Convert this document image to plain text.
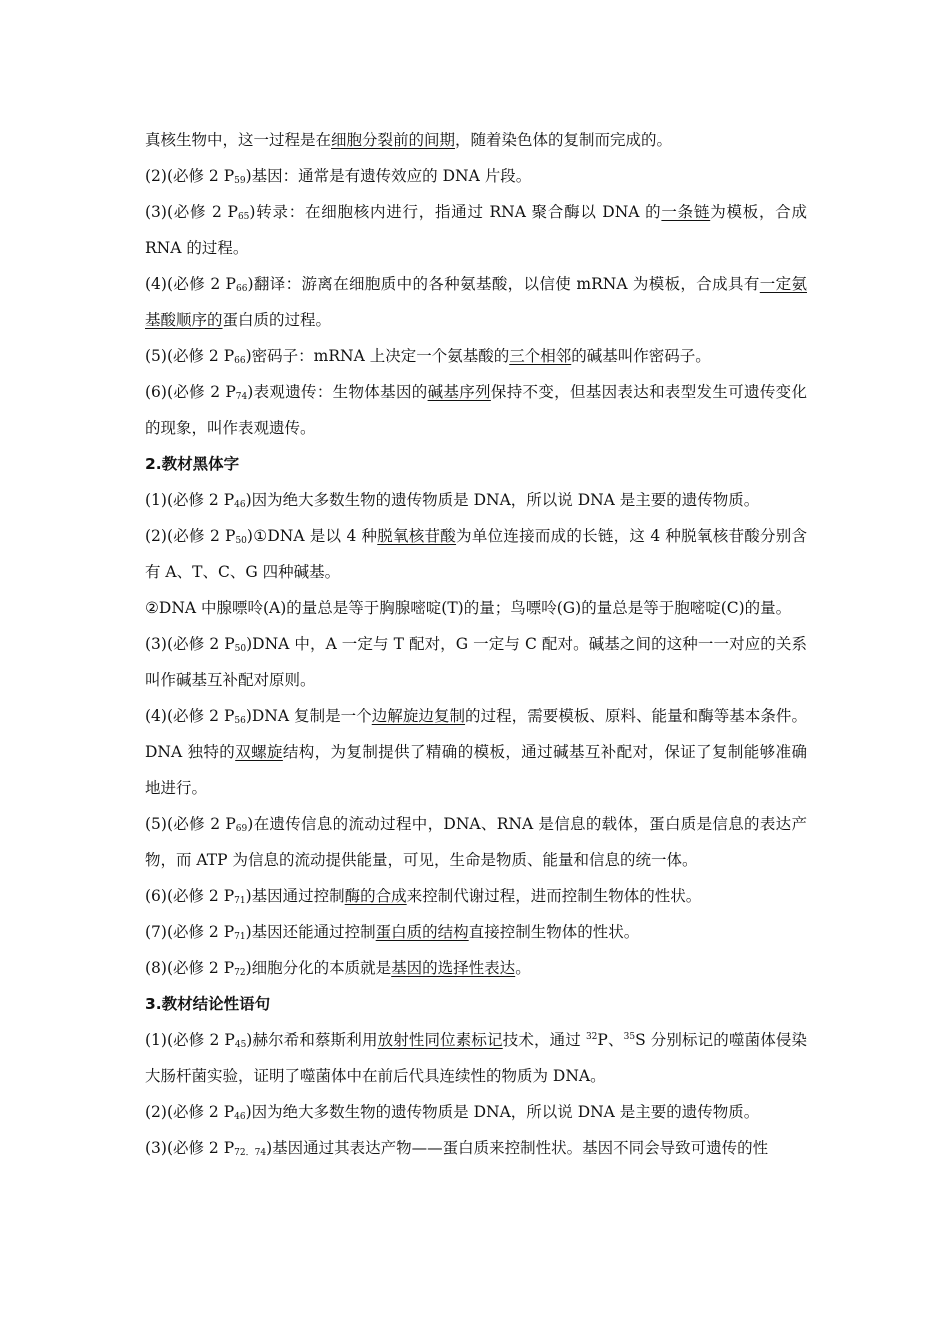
真核生物中，这一过程是在细胞分裂前的间期，随着染色体的复制而完成的。

(2)(必修 2 $P_{59}$)基因：通常是有遗传效应的 DNA 片段。

(3)(必修 2 $P_{65}$)转录：在细胞核内进行，指通过 RNA 聚合酶以 DNA 的一条链为模板，合成 RNA 的过程。

(4)(必修 2 $P_{66}$)翻译：游离在细胞质中的各种氨基酸，以信使 mRNA 为模板，合成具有一定氨基酸顺序的蛋白质的过程。

(5)(必修 2 $P_{66}$)密码子：mRNA 上决定一个氨基酸的三个相邻的碱基叫作密码子。

(6)(必修 2 $P_{74}$)表观遗传：生物体基因的碱基序列保持不变，但基因表达和表型发生可遗传变化的现象，叫作表观遗传。

2.教材黑体字

(1)(必修 2 $P_{46}$)因为绝大多数生物的遗传物质是 DNA，所以说 DNA 是主要的遗传物质。

(2)(必修 2 $P_{50})①DNA$ 是以 4 种脱氧核苷酸为单位连接而成的长链，这 4 种脱氧核苷酸分别含有 A、T、C、G 四种碱基。

②DNA 中腺嘌呤(A)的量总是等于胸腺嘧啶(T)的量；鸟嘌呤(G)的量总是等于胞嘧啶(C)的量。

(3)(必修 2 $P_{50})DNA$ 中，A 一定与 T 配对，G 一定与 C 配对。碱基之间的这种一一对应的关系叫作碱基互补配对原则。

(4)(必修 2 $P_{56})DNA$ 复制是一个边解旋边复制的过程，需要模板、原料、能量和酶等基本条件。DNA 独特的双螺旋结构，为复制提供了精确的模板，通过碱基互补配对，保证了复制能够准确地进行。

(5)(必修 2 $P_{69}$)在遗传信息的流动过程中，DNA、RNA 是信息的载体，蛋白质是信息的表达产物，而 ATP 为信息的流动提供能量，可见，生命是物质、能量和信息的统一体。

(6)(必修 2 $P_{71}$)基因通过控制酶的合成来控制代谢过程，进而控制生物体的性状。

(7)(必修 2 $P_{71}$)基因还能通过控制蛋白质的结构直接控制生物体的性状。

(8)(必修 2 $P_{72}$)细胞分化的本质就是基因的选择性表达。

3.教材结论性语句

(1)(必修 2 $P_{45}$)赫尔希和蔡斯利用放射性同位素标记技术，通过 $^{32}$P、$^{35}$S 分别标记的噬菌体侵染大肠杆菌实验，证明了噬菌体中在前后代具连续性的物质为 DNA。

(2)(必修 2 $P_{46}$)因为绝大多数生物的遗传物质是 DNA，所以说 DNA 是主要的遗传物质。

(3)(必修 2 $P_{72.74}$)基因通过其表达产物——蛋白质来控制性状。基因不同会导致可遗传的性
